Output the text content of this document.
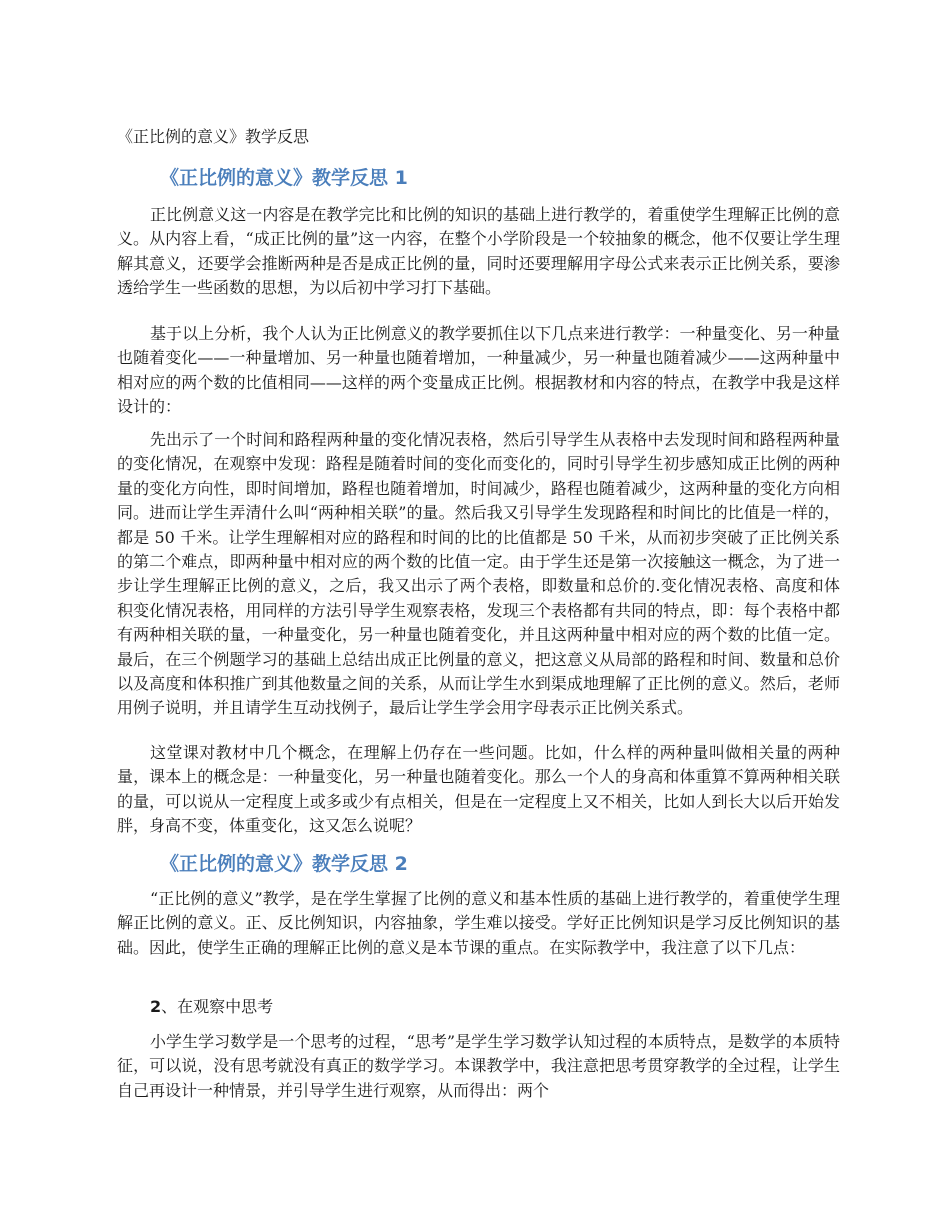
《正比例的意义》教学反思
《正比例的意义》教学反思 1

正比例意义这一内容是在教学完比和比例的知识的基础上进行教学的，着重使学生理解正比例的意义。从内容上看，“成正比例的量”这一内容，在整个小学阶段是一个较抽象的概念，他不仅要让学生理解其意义，还要学会推断两种是否是成正比例的量，同时还要理解用字母公式来表示正比例关系，要渗透给学生一些函数的思想，为以后初中学习打下基础。

基于以上分析，我个人认为正比例意义的教学要抓住以下几点来进行教学：一种量变化、另一种量也随着变化——一种量增加、另一种量也随着增加，一种量减少，另一种量也随着减少——这两种量中相对应的两个数的比值相同——这样的两个变量成正比例。根据教材和内容的特点，在教学中我是这样设计的：

先出示了一个时间和路程两种量的变化情况表格，然后引导学生从表格中去发现时间和路程两种量的变化情况，在观察中发现：路程是随着时间的变化而变化的，同时引导学生初步感知成正比例的两种量的变化方向性，即时间增加，路程也随着增加，时间减少，路程也随着减少，这两种量的变化方向相同。进而让学生弄清什么叫“两种相关联”的量。然后我又引导学生发现路程和时间比的比值是一样的，都是 50 千米。让学生理解相对应的路程和时间的比的比值都是 50 千米，从而初步突破了正比例关系的第二个难点，即两种量中相对应的两个数的比值一定。由于学生还是第一次接触这一概念，为了进一步让学生理解正比例的意义，之后，我又出示了两个表格，即数量和总价的.变化情况表格、高度和体积变化情况表格，用同样的方法引导学生观察表格，发现三个表格都有共同的特点，即：每个表格中都有两种相关联的量，一种量变化，另一种量也随着变化，并且这两种量中相对应的两个数的比值一定。最后，在三个例题学习的基础上总结出成正比例量的意义，把这意义从局部的路程和时间、数量和总价以及高度和体积推广到其他数量之间的关系，从而让学生水到渠成地理解了正比例的意义。然后，老师用例子说明，并且请学生互动找例子，最后让学生学会用字母表示正比例关系式。

这堂课对教材中几个概念，在理解上仍存在一些问题。比如，什么样的两种量叫做相关量的两种量，课本上的概念是：一种量变化，另一种量也随着变化。那么一个人的身高和体重算不算两种相关联的量，可以说从一定程度上或多或少有点相关，但是在一定程度上又不相关，比如人到长大以后开始发胖，身高不变，体重变化，这又怎么说呢？

《正比例的意义》教学反思 2

“正比例的意义”教学，是在学生掌握了比例的意义和基本性质的基础上进行教学的，着重使学生理解正比例的意义。正、反比例知识，内容抽象，学生难以接受。学好正比例知识是学习反比例知识的基础。因此，使学生正确的理解正比例的意义是本节课的重点。在实际教学中，我注意了以下几点：

2、在观察中思考

小学生学习数学是一个思考的过程，“思考”是学生学习数学认知过程的本质特点，是数学的本质特征，可以说，没有思考就没有真正的数学学习。本课教学中，我注意把思考贯穿教学的全过程，让学生自己再设计一种情景，并引导学生进行观察，从而得出：两个
